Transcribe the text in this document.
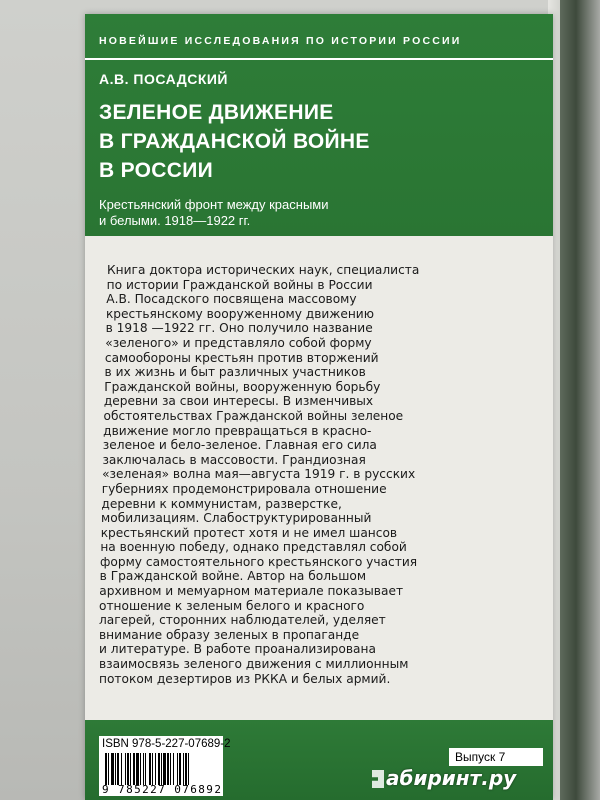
НОВЕЙШИЕ ИССЛЕДОВАНИЯ ПО ИСТОРИИ РОССИИ
А.В. ПОСАДСКИЙ
ЗЕЛЕНОЕ ДВИЖЕНИЕ
В ГРАЖДАНСКОЙ ВОЙНЕ
В РОССИИ
Крестьянский фронт между красными
и белыми. 1918—1922 гг.
Книга доктора исторических наук, специалиста
по истории Гражданской войны в России
А.В. Посадского посвящена массовому
крестьянскому вооруженному движению
в 1918 —1922 гг. Оно получило название
«зеленого» и представляло собой форму
самообороны крестьян против вторжений
в их жизнь и быт различных участников
Гражданской войны, вооруженную борьбу
деревни за свои интересы. В изменчивых
обстоятельствах Гражданской войны зеленое
движение могло превращаться в красно-
зеленое и бело-зеленое. Главная его сила
заключалась в массовости. Грандиозная
«зеленая» волна мая—августа 1919 г. в русских
губерниях продемонстрировала отношение
деревни к коммунистам, разверстке,
мобилизациям. Слабоструктурированный
крестьянский протест хотя и не имел шансов
на военную победу, однако представлял собой
форму самостоятельного крестьянского участия
в Гражданской войне. Автор на большом
архивном и мемуарном материале показывает
отношение к зеленым белого и красного
лагерей, сторонних наблюдателей, уделяет
внимание образу зеленых в пропаганде
и литературе. В работе проанализирована
взаимосвязь зеленого движения с миллионным
потоком дезертиров из РККА и белых армий.
ISBN 978-5-227-07689-2
9 785227 076892
Выпуск 7
абиринт.ру
